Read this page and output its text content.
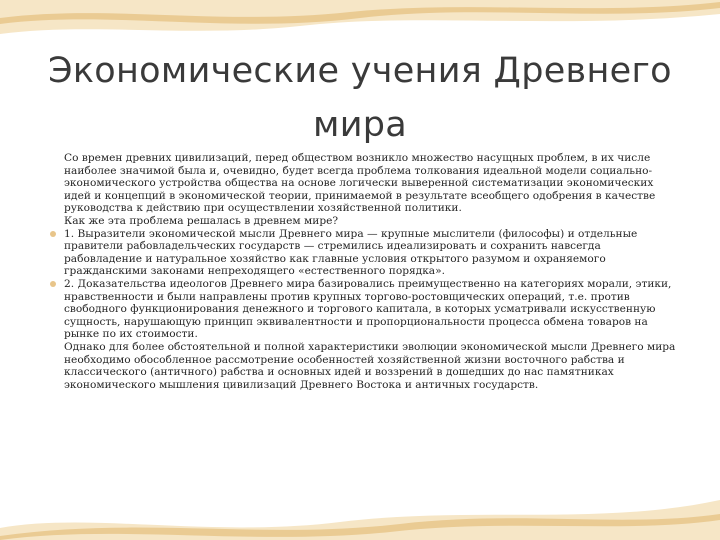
Экономические учения Древнего мира

Со времен древних цивилизаций, перед обществом возникло множество насущных проблем, в их числе наиболее значимой была и, очевидно, будет всегда проблема толкования идеальной модели социально-экономического устройства общества на основе логически выверенной систематизации экономических идей и концепций в экономической теории, принимаемой в результате всеобщего одобрения в качестве руководства к действию при осуществлении хозяйственной политики.

Как же эта проблема решалась в древнем мире?

1. Выразители экономической мысли Древнего мира — крупные мыслители (философы) и отдельные правители рабовладельческих государств — стремились идеализировать и сохранить навсегда рабовладение и натуральное хозяйство как главные условия открытого разумом и охраняемого гражданскими законами непреходящего «естественного порядка».

2. Доказательства идеологов Древнего мира базировались преимущественно на категориях морали, этики, нравственности и были направлены против крупных торгово-ростовщических операций, т.е. против свободного функционирования денежного и торгового капитала, в которых усматривали искусственную сущность, нарушающую принцип эквивалентности и пропорциональности процесса обмена товаров на рынке по их стоимости.

Однако для более обстоятельной и полной характеристики эволюции экономической мысли Древнего мира необходимо обособленное рассмотрение особенностей хозяйственной жизни восточного рабства и классического (античного) рабства и основных идей и воззрений в дошедших до нас памятниках экономического мышления цивилизаций Древнего Востока и античных государств.
